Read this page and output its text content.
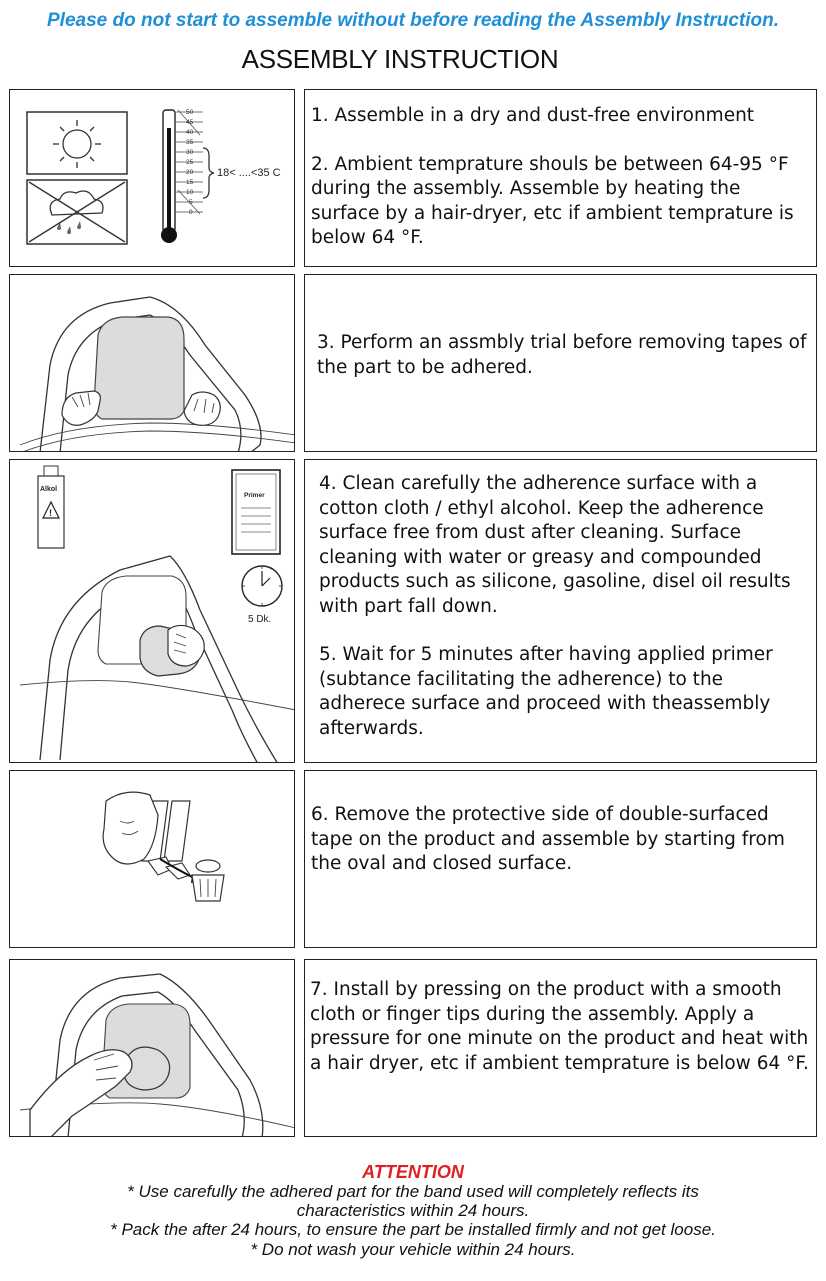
Please do not start to assemble without before reading the Assembly Instruction.
ASSEMBLY INSTRUCTION
50
45
40
35
30
25
20
15
10
5
0
18< ....<35 C

1. Assemble in a dry and dust-free environment

2. Ambient temprature shouls be between 64-95 °F during the assembly. Assemble by heating the surface by a hair-dryer, etc if ambient temprature is below 64 °F.

3. Perform an assmbly trial before removing tapes of the part to be adhered.

Alkol
!
Primer
5 Dk.

4. Clean carefully the adherence surface with a cotton cloth / ethyl alcohol. Keep the adherence surface free from dust after cleaning. Surface cleaning with water or greasy and compounded products such as silicone, gasoline, disel oil results with part fall down.

5. Wait for 5 minutes after having applied primer (subtance facilitating the adherence) to the adherece surface and proceed with theassembly afterwards.

6. Remove the protective side of double-surfaced tape on the product and assemble by starting from the oval and closed surface.

7. Install by pressing on the product with a smooth cloth or finger tips during the assembly. Apply a pressure for one minute on the product and heat with a hair dryer, etc if ambient temprature is below 64 °F.

ATTENTION
* Use carefully the adhered part for the band used will completely reflects its
characteristics within 24 hours.
* Pack the after 24 hours, to ensure the part be installed firmly and not get loose.
* Do not wash your vehicle within 24 hours.
